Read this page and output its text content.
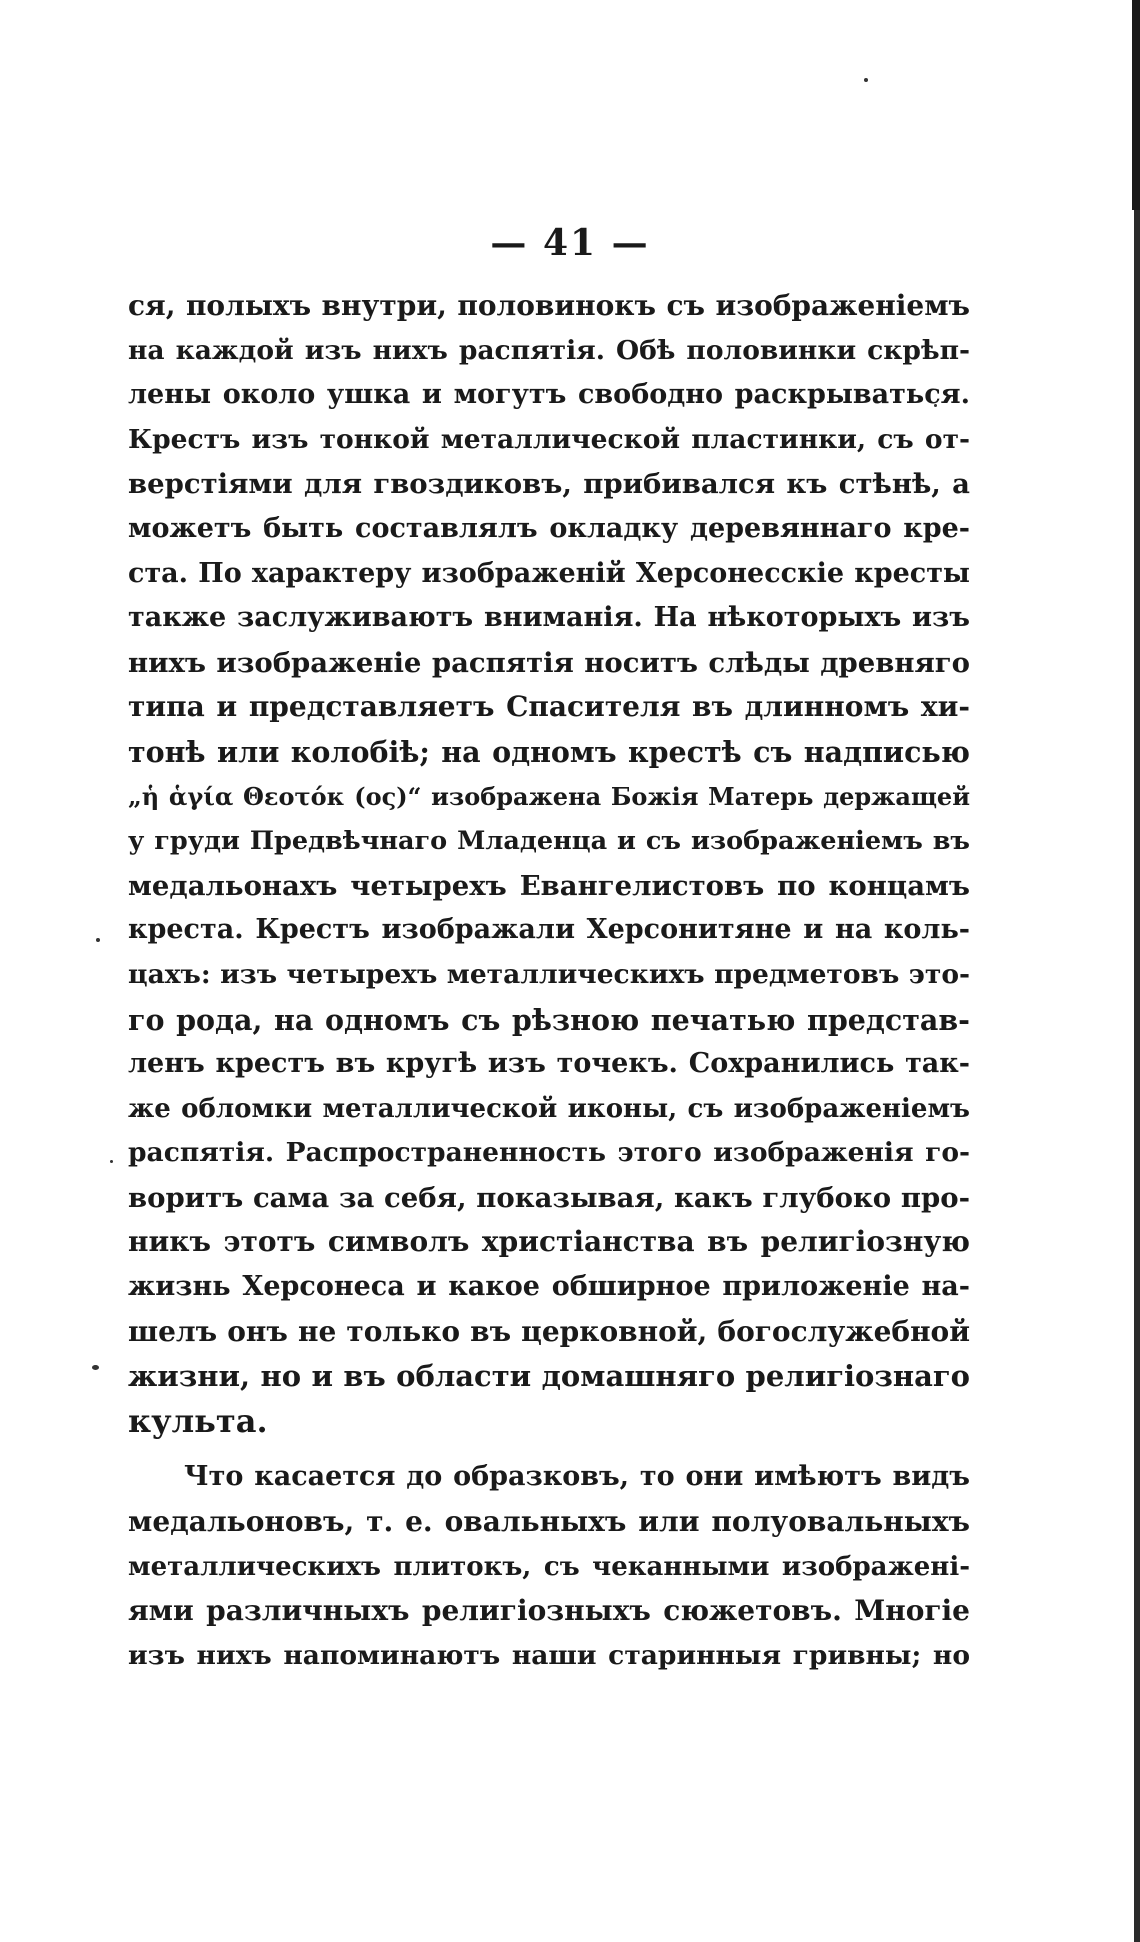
— 41 —
ся, полыхъ внутри, половинокъ съ изображеніемъ
на каждой изъ нихъ распятія. Обѣ половинки скрѣп-
лены около ушка и могутъ свободно раскрываться.
Крестъ изъ тонкой металлической пластинки, съ от-
верстіями для гвоздиковъ, прибивался къ стѣнѣ, а
можетъ быть составлялъ окладку деревяннаго кре-
ста. По характеру изображеній Херсонесскіе кресты
также заслуживаютъ вниманія. На нѣкоторыхъ изъ
нихъ изображеніе распятія носитъ слѣды древняго
типа и представляетъ Спасителя въ длинномъ хи-
тонѣ или колобіѣ; на одномъ крестѣ съ надписью
„ἡ ἁγία Θεοτόκ (ος)“ изображена Божія Матерь держащей
у груди Предвѣчнаго Младенца и съ изображеніемъ въ
медальонахъ четырехъ Евангелистовъ по концамъ
креста. Крестъ изображали Херсонитяне и на коль-
цахъ: изъ четырехъ металлическихъ предметовъ это-
го рода, на одномъ съ рѣзною печатью представ-
ленъ крестъ въ кругѣ изъ точекъ. Сохранились так-
же обломки металлической иконы, съ изображеніемъ
распятія. Распространенность этого изображенія го-
воритъ сама за себя, показывая, какъ глубоко про-
никъ этотъ символъ христіанства въ религіозную
жизнь Херсонеса и какое обширное приложеніе на-
шелъ онъ не только въ церковной, богослужебной
жизни, но и въ области домашняго религіознаго
культа.
Что касается до образковъ, то они имѣютъ видъ
медальоновъ, т. е. овальныхъ или полуовальныхъ
металлическихъ плитокъ, съ чеканными изображені-
ями различныхъ религіозныхъ сюжетовъ. Многіе
изъ нихъ напоминаютъ наши старинныя гривны; но
